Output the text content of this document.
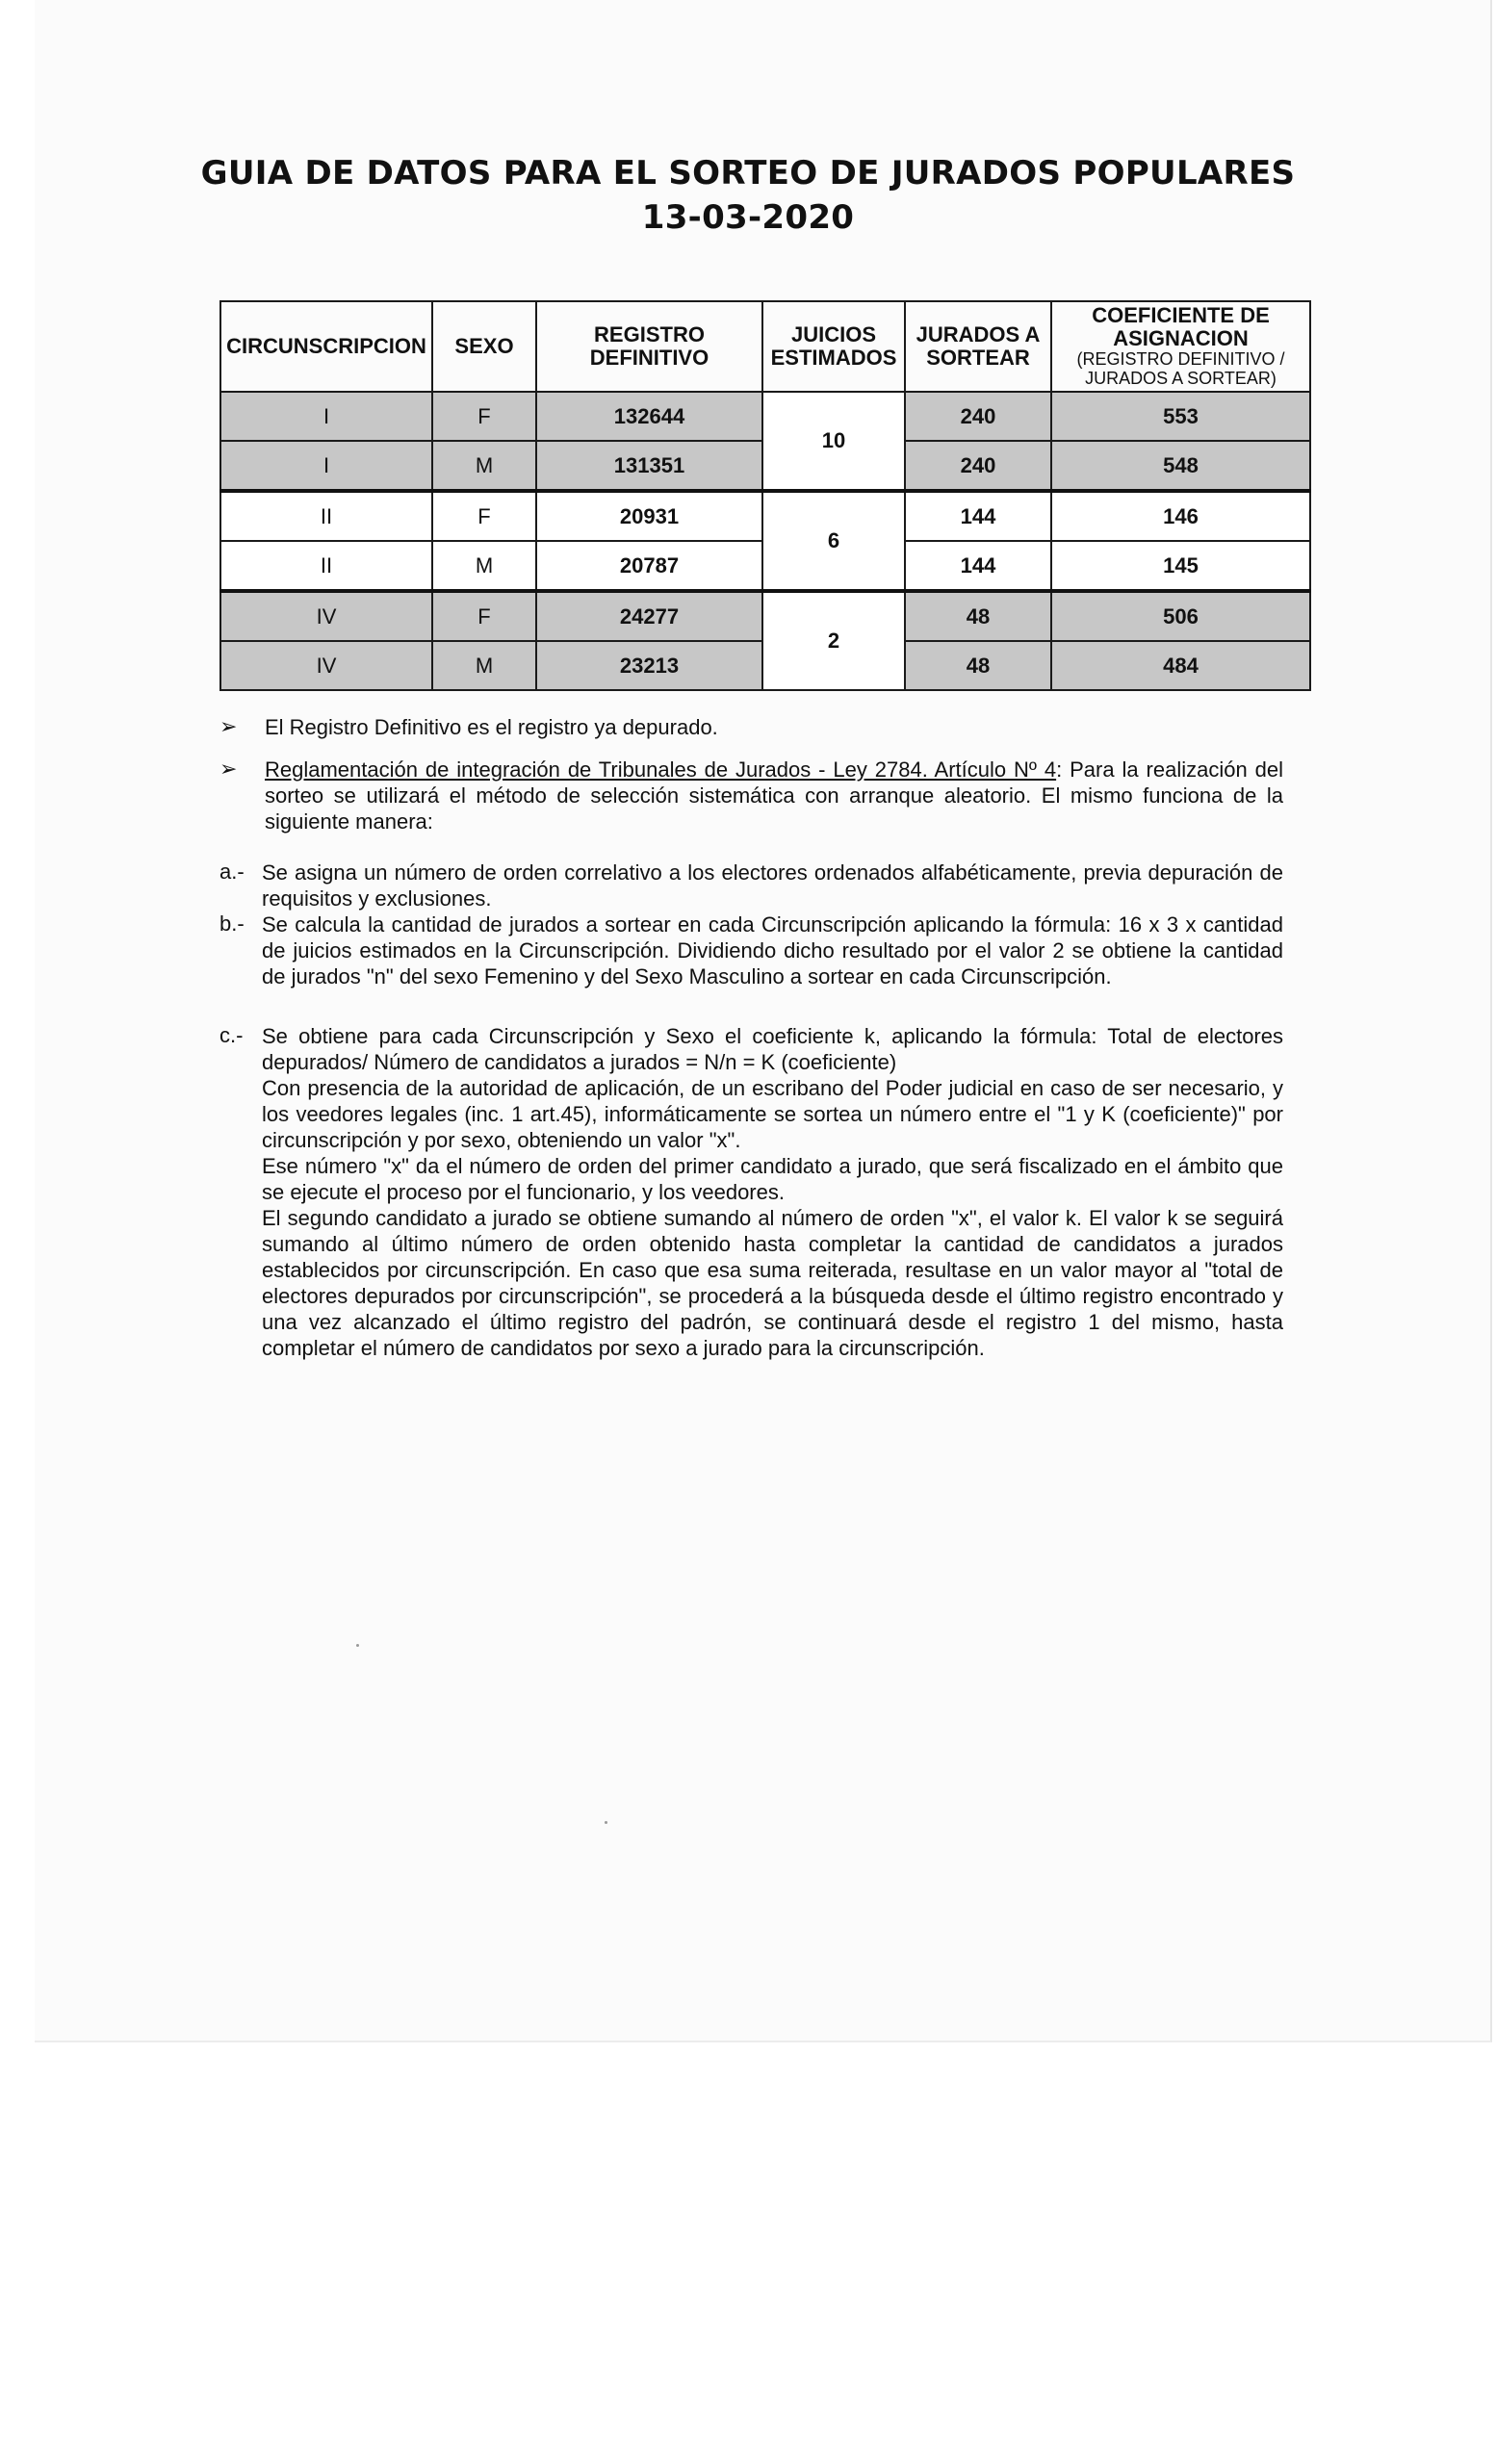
GUIA DE DATOS PARA EL SORTEO DE JURADOS POPULARES
13-03-2020
CIRCUNSCRIPCION	SEXO	REGISTRO DEFINITIVO	JUICIOS ESTIMADOS	JURADOS A SORTEAR	COEFICIENTE DE ASIGNACION
(REGISTRO DEFINITIVO / JURADOS A SORTEAR)

I	F	132644	10	240	553
I	M	131351		240	548
II	F	20931	6	144	146
II	M	20787		144	145
IV	F	24277	2	48	506
IV	M	23213		48	484
➢ El Registro Definitivo es el registro ya depurado.
➢ Reglamentación de integración de Tribunales de Jurados - Ley 2784. Artículo Nº 4: Para la realización del sorteo se utilizará el método de selección sistemática con arranque aleatorio. El mismo funciona de la siguiente manera:
a.- Se asigna un número de orden correlativo a los electores ordenados alfabéticamente, previa depuración de requisitos y exclusiones.
b.- Se calcula la cantidad de jurados a sortear en cada Circunscripción aplicando la fórmula: 16 x 3 x cantidad de juicios estimados en la Circunscripción. Dividiendo dicho resultado por el valor 2 se obtiene la cantidad de jurados "n" del sexo Femenino y del Sexo Masculino a sortear en cada Circunscripción.
c.- Se obtiene para cada Circunscripción y Sexo el coeficiente k, aplicando la fórmula: Total de electores depurados/ Número de candidatos a jurados = N/n = K (coeficiente)
Con presencia de la autoridad de aplicación, de un escribano del Poder judicial en caso de ser necesario, y los veedores legales (inc. 1 art.45), informáticamente se sortea un número entre el "1 y K (coeficiente)" por circunscripción y por sexo, obteniendo un valor "x".
Ese número "x" da el número de orden del primer candidato a jurado, que será fiscalizado en el ámbito que se ejecute el proceso por el funcionario, y los veedores.
El segundo candidato a jurado se obtiene sumando al número de orden "x", el valor k. El valor k se seguirá sumando al último número de orden obtenido hasta completar la cantidad de candidatos a jurados establecidos por circunscripción. En caso que esa suma reiterada, resultase en un valor mayor al "total de electores depurados por circunscripción", se procederá a la búsqueda desde el último registro encontrado y una vez alcanzado el último registro del padrón, se continuará desde el registro 1 del mismo, hasta completar el número de candidatos por sexo a jurado para la circunscripción.
